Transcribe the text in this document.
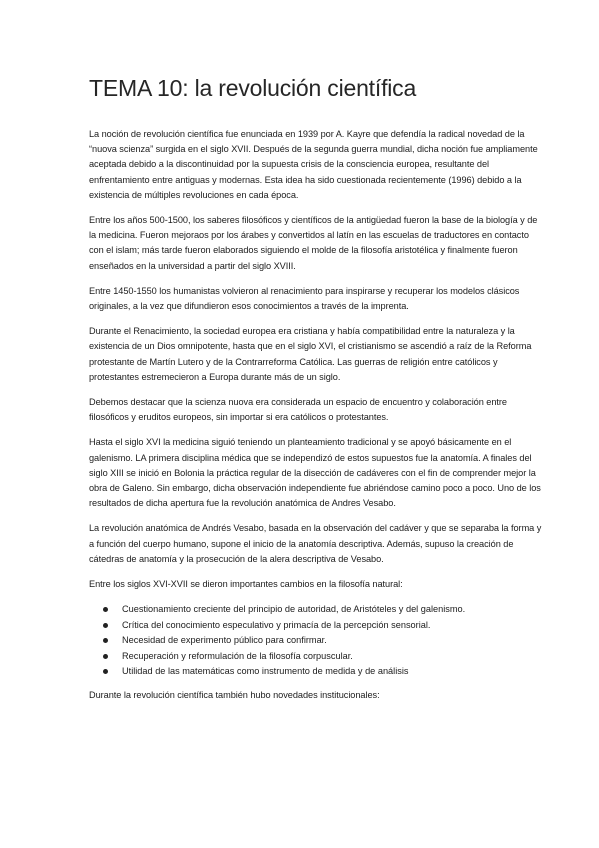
TEMA 10: la revolución científica

La noción de revolución científica fue enunciada en 1939 por A. Kayre que defendía la radical novedad de la “nuova scienza” surgida en el siglo XVII. Después de la segunda guerra mundial, dicha noción fue ampliamente aceptada debido a la discontinuidad por la supuesta crisis de la consciencia europea, resultante del enfrentamiento entre antiguas y modernas. Esta idea ha sido cuestionada recientemente (1996) debido a la existencia de múltiples revoluciones en cada época.

Entre los años 500-1500, los saberes filosóficos y científicos de la antigüedad fueron la base de la biología y de la medicina. Fueron mejoraos por los árabes y convertidos al latín en las escuelas de traductores en contacto con el islam; más tarde fueron elaborados siguiendo el molde de la filosofía aristotélica y finalmente fueron enseñados en la universidad a partir del siglo XVIII.

Entre 1450-1550 los humanistas volvieron al renacimiento para inspirarse y recuperar los modelos clásicos originales, a la vez que difundieron esos conocimientos a través de la imprenta.

Durante el Renacimiento, la sociedad europea era cristiana y había compatibilidad entre la naturaleza y la existencia de un Dios omnipotente, hasta que en el siglo XVI, el cristianismo se ascendió a raíz de la Reforma protestante de Martín Lutero y de la Contrarreforma Católica. Las guerras de religión entre católicos y protestantes estremecieron a Europa durante más de un siglo.

Debemos destacar que la scienza nuova era considerada un espacio de encuentro y colaboración entre filosóficos y eruditos europeos, sin importar si era católicos o protestantes.

Hasta el siglo XVI la medicina siguió teniendo un planteamiento tradicional y se apoyó básicamente en el galenismo. LA primera disciplina médica que se independizó de estos supuestos fue la anatomía. A finales del siglo XIII se inició en Bolonia la práctica regular de la disección de cadáveres con el fin de comprender mejor la obra de Galeno. Sin embargo, dicha observación independiente fue abriéndose camino poco a poco. Uno de los resultados de dicha apertura fue la revolución anatómica de Andres Vesabo.

La revolución anatómica de Andrés Vesabo, basada en la observación del cadáver y que se separaba la forma y a función del cuerpo humano, supone el inicio de la anatomía descriptiva. Además, supuso la creación de cátedras de anatomía y la prosecución de la alera descriptiva de Vesabo.

Entre los siglos XVI-XVII se dieron importantes cambios en la filosofía natural:

Cuestionamiento creciente del principio de autoridad, de Aristóteles y del galenismo.
Crítica del conocimiento especulativo y primacía de la percepción sensorial.
Necesidad de experimento público para confirmar.
Recuperación y reformulación de la filosofía corpuscular.
Utilidad de las matemáticas como instrumento de medida y de análisis

Durante la revolución científica también hubo novedades institucionales:
